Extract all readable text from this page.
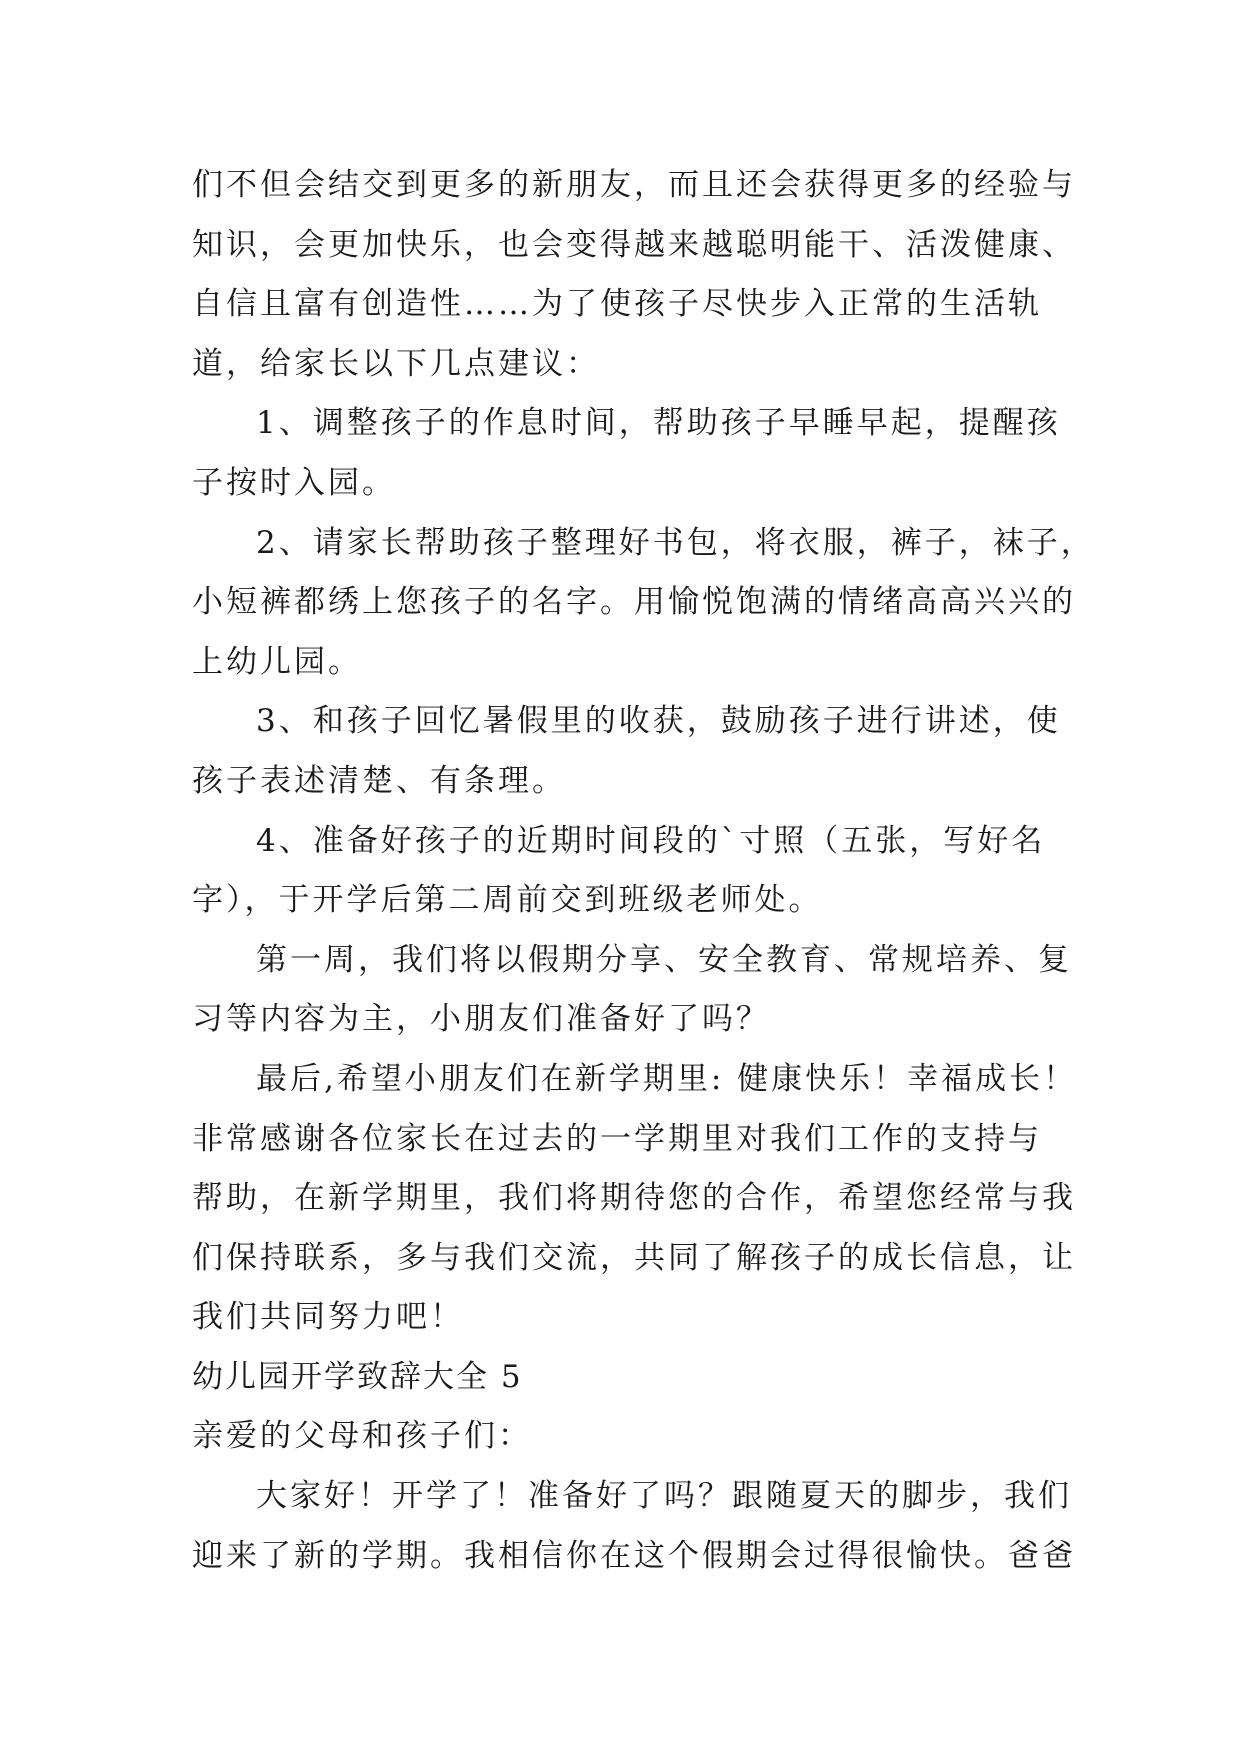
们不但会结交到更多的新朋友，而且还会获得更多的经验与
知识，会更加快乐，也会变得越来越聪明能干、活泼健康、
自信且富有创造性……为了使孩子尽快步入正常的生活轨
道，给家长以下几点建议：
1、调整孩子的作息时间，帮助孩子早睡早起，提醒孩
子按时入园。
2、请家长帮助孩子整理好书包，将衣服，裤子，袜子，
小短裤都绣上您孩子的名字。用愉悦饱满的情绪高高兴兴的
上幼儿园。
3、和孩子回忆暑假里的收获，鼓励孩子进行讲述，使
孩子表述清楚、有条理。
4、准备好孩子的近期时间段的`寸照（五张，写好名
字），于开学后第二周前交到班级老师处。
第一周，我们将以假期分享、安全教育、常规培养、复
习等内容为主，小朋友们准备好了吗？
最后,希望小朋友们在新学期里: 健康快乐！幸福成长！
非常感谢各位家长在过去的一学期里对我们工作的支持与
帮助，在新学期里，我们将期待您的合作，希望您经常与我
们保持联系，多与我们交流，共同了解孩子的成长信息，让
我们共同努力吧！
幼儿园开学致辞大全 5
亲爱的父母和孩子们：
大家好！开学了！准备好了吗？跟随夏天的脚步，我们
迎来了新的学期。我相信你在这个假期会过得很愉快。爸爸
